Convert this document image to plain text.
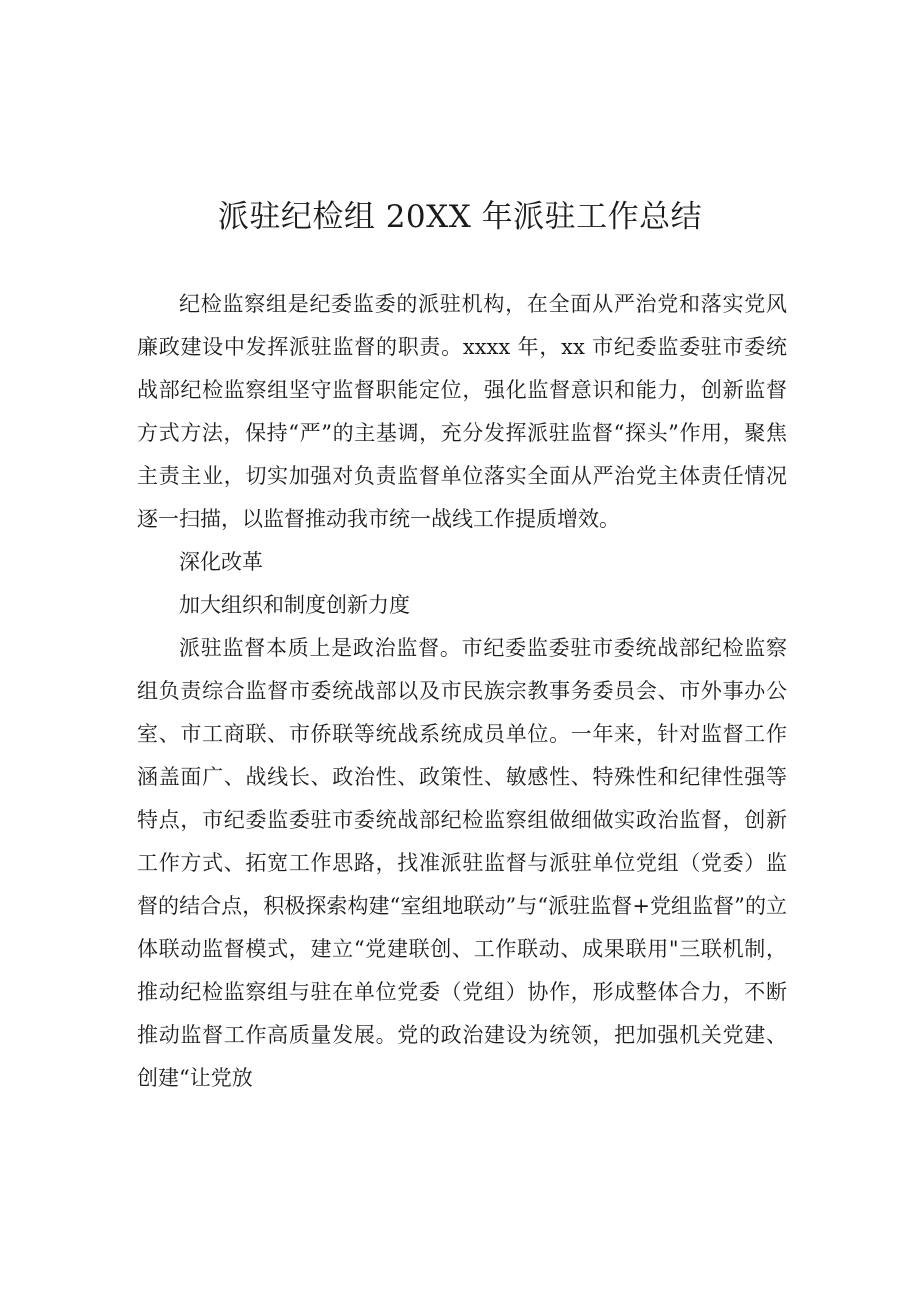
派驻纪检组 20XX 年派驻工作总结

纪检监察组是纪委监委的派驻机构，在全面从严治党和落实党风廉政建设中发挥派驻监督的职责。xxxx 年，xx 市纪委监委驻市委统战部纪检监察组坚守监督职能定位，强化监督意识和能力，创新监督方式方法，保持“严”的主基调，充分发挥派驻监督“探头”作用，聚焦主责主业，切实加强对负责监督单位落实全面从严治党主体责任情况逐一扫描，以监督推动我市统一战线工作提质增效。

深化改革

加大组织和制度创新力度

派驻监督本质上是政治监督。市纪委监委驻市委统战部纪检监察组负责综合监督市委统战部以及市民族宗教事务委员会、市外事办公室、市工商联、市侨联等统战系统成员单位。一年来，针对监督工作涵盖面广、战线长、政治性、政策性、敏感性、特殊性和纪律性强等特点，市纪委监委驻市委统战部纪检监察组做细做实政治监督，创新工作方式、拓宽工作思路，找准派驻监督与派驻单位党组（党委）监督的结合点，积极探索构建“室组地联动”与“派驻监督+党组监督”的立体联动监督模式，建立“党建联创、工作联动、成果联用"三联机制，推动纪检监察组与驻在单位党委（党组）协作，形成整体合力，不断推动监督工作高质量发展。党的政治建设为统领，把加强机关党建、创建“让党放
